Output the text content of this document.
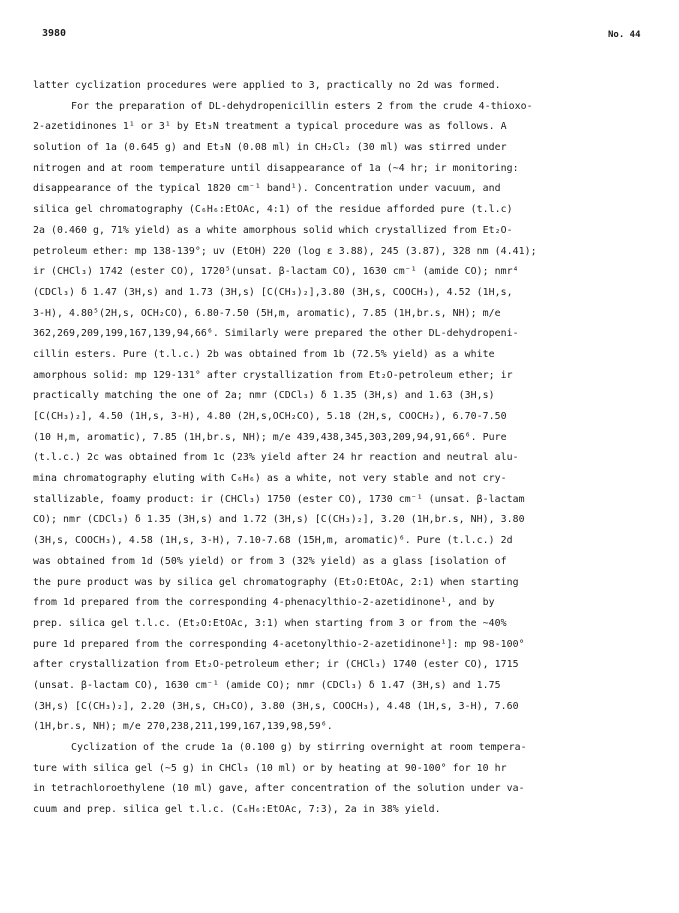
3980	No. 44
latter cyclization procedures were applied to 3, practically no 2d was formed.
For the preparation of DL-dehydropenicillin esters 2 from the crude 4-thioxo-
2-azetidinones 1¹ or 3¹ by Et₃N treatment a typical procedure was as follows. A
solution of 1a (0.645 g) and Et₃N (0.08 ml) in CH₂Cl₂ (30 ml) was stirred under
nitrogen and at room temperature until disappearance of 1a (~4 hr; ir monitoring:
disappearance of the typical 1820 cm⁻¹ band¹). Concentration under vacuum, and
silica gel chromatography (C₆H₆:EtOAc, 4:1) of the residue afforded pure (t.l.c)
2a (0.460 g, 71% yield) as a white amorphous solid which crystallized from Et₂O-
petroleum ether: mp 138-139°; uv (EtOH) 220 (log ε 3.88), 245 (3.87), 328 nm (4.41);
ir (CHCl₃) 1742 (ester CO), 1720⁵(unsat. β-lactam CO), 1630 cm⁻¹ (amide CO); nmr⁴
(CDCl₃) δ 1.47 (3H,s) and 1.73 (3H,s) [C(CH₃)₂],3.80 (3H,s, COOCH₃), 4.52 (1H,s,
3-H), 4.80⁵(2H,s, OCH₂CO), 6.80-7.50 (5H,m, aromatic), 7.85 (1H,br.s, NH); m/e
362,269,209,199,167,139,94,66⁶. Similarly were prepared the other DL-dehydropeni-
cillin esters. Pure (t.l.c.) 2b was obtained from 1b (72.5% yield) as a white
amorphous solid: mp 129-131° after crystallization from Et₂O-petroleum ether; ir
practically matching the one of 2a; nmr (CDCl₃) δ 1.35 (3H,s) and 1.63 (3H,s)
[C(CH₃)₂], 4.50 (1H,s, 3-H), 4.80 (2H,s,OCH₂CO), 5.18 (2H,s, COOCH₂), 6.70-7.50
(10 H,m, aromatic), 7.85 (1H,br.s, NH); m/e 439,438,345,303,209,94,91,66⁶. Pure
(t.l.c.) 2c was obtained from 1c (23% yield after 24 hr reaction and neutral alu-
mina chromatography eluting with C₆H₆) as a white, not very stable and not cry-
stallizable, foamy product: ir (CHCl₃) 1750 (ester CO), 1730 cm⁻¹ (unsat. β-lactam
CO); nmr (CDCl₃) δ 1.35 (3H,s) and 1.72 (3H,s) [C(CH₃)₂], 3.20 (1H,br.s, NH), 3.80
(3H,s, COOCH₃), 4.58 (1H,s, 3-H), 7.10-7.68 (15H,m, aromatic)⁶. Pure (t.l.c.) 2d
was obtained from 1d (50% yield) or from 3 (32% yield) as a glass [isolation of
the pure product was by silica gel chromatography (Et₂O:EtOAc, 2:1) when starting
from 1d prepared from the corresponding 4-phenacylthio-2-azetidinone¹, and by
prep. silica gel t.l.c. (Et₂O:EtOAc, 3:1) when starting from 3 or from the ~40%
pure 1d prepared from the corresponding 4-acetonylthio-2-azetidinone¹]: mp 98-100°
after crystallization from Et₂O-petroleum ether; ir (CHCl₃) 1740 (ester CO), 1715
(unsat. β-lactam CO), 1630 cm⁻¹ (amide CO); nmr (CDCl₃) δ 1.47 (3H,s) and 1.75
(3H,s) [C(CH₃)₂], 2.20 (3H,s, CH₃CO), 3.80 (3H,s, COOCH₃), 4.48 (1H,s, 3-H), 7.60
(1H,br.s, NH); m/e 270,238,211,199,167,139,98,59⁶.
Cyclization of the crude 1a (0.100 g) by stirring overnight at room tempera-
ture with silica gel (~5 g) in CHCl₃ (10 ml) or by heating at 90-100° for 10 hr
in tetrachloroethylene (10 ml) gave, after concentration of the solution under va-
cuum and prep. silica gel t.l.c. (C₆H₆:EtOAc, 7:3), 2a in 38% yield.
